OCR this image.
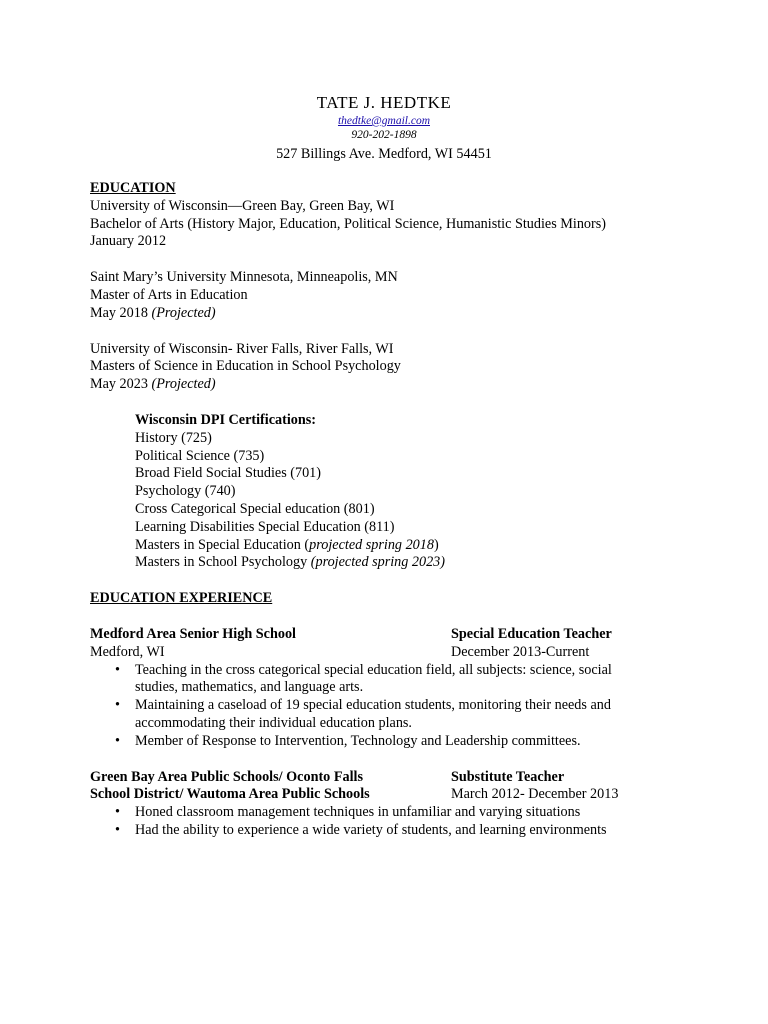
TATE J. HEDTKE
thedtke@gmail.com
920-202-1898
527 Billings Ave. Medford, WI 54451
EDUCATION
University of Wisconsin—Green Bay, Green Bay, WI
Bachelor of Arts (History Major, Education, Political Science, Humanistic Studies Minors)
January 2012
Saint Mary’s University Minnesota, Minneapolis, MN
Master of Arts in Education
May 2018 (Projected)
University of Wisconsin- River Falls, River Falls, WI
Masters of Science in Education in School Psychology
May 2023 (Projected)
Wisconsin DPI Certifications:
History (725)
Political Science (735)
Broad Field Social Studies (701)
Psychology (740)
Cross Categorical Special education (801)
Learning Disabilities Special Education (811)
Masters in Special Education (projected spring 2018)
Masters in School Psychology (projected spring 2023)
EDUCATION EXPERIENCE
Medford Area Senior High School	Special Education Teacher
Medford, WI	December 2013-Current
• Teaching in the cross categorical special education field, all subjects: science, social studies, mathematics, and language arts.
• Maintaining a caseload of 19 special education students, monitoring their needs and accommodating their individual education plans.
• Member of Response to Intervention, Technology and Leadership committees.
Green Bay Area Public Schools/ Oconto Falls	Substitute Teacher
School District/ Wautoma Area Public Schools	March 2012- December 2013
• Honed classroom management techniques in unfamiliar and varying situations
• Had the ability to experience a wide variety of students, and learning environments
